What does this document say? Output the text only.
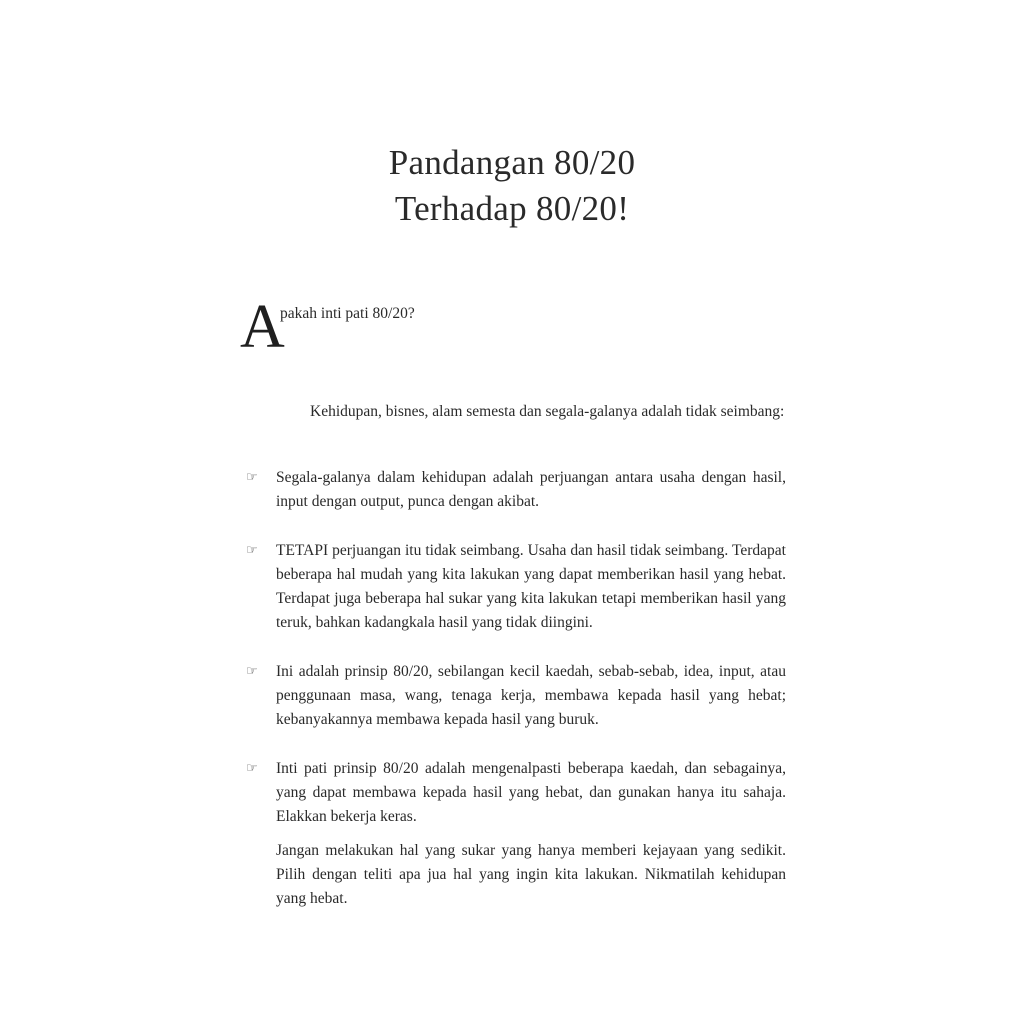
Pandangan 80/20
Terhadap 80/20!
A
pakah inti pati 80/20?
Kehidupan, bisnes, alam semesta dan segala-galanya adalah tidak seimbang:
☞ Segala-galanya dalam kehidupan adalah perjuangan antara usaha dengan hasil, input dengan output, punca dengan akibat.

☞ TETAPI perjuangan itu tidak seimbang. Usaha dan hasil tidak seimbang. Terdapat beberapa hal mudah yang kita lakukan yang dapat memberikan hasil yang hebat. Terdapat juga beberapa hal sukar yang kita lakukan tetapi memberikan hasil yang teruk, bahkan kadangkala hasil yang tidak diingini.

☞ Ini adalah prinsip 80/20, sebilangan kecil kaedah, sebab-sebab, idea, input, atau penggunaan masa, wang, tenaga kerja, membawa kepada hasil yang hebat; kebanyakannya membawa kepada hasil yang buruk.

☞ Inti pati prinsip 80/20 adalah mengenalpasti beberapa kaedah, dan sebagainya, yang dapat membawa kepada hasil yang hebat, dan gunakan hanya itu sahaja. Elakkan bekerja keras.

Jangan melakukan hal yang sukar yang hanya memberi kejayaan yang sedikit. Pilih dengan teliti apa jua hal yang ingin kita lakukan. Nikmatilah kehidupan yang hebat.
